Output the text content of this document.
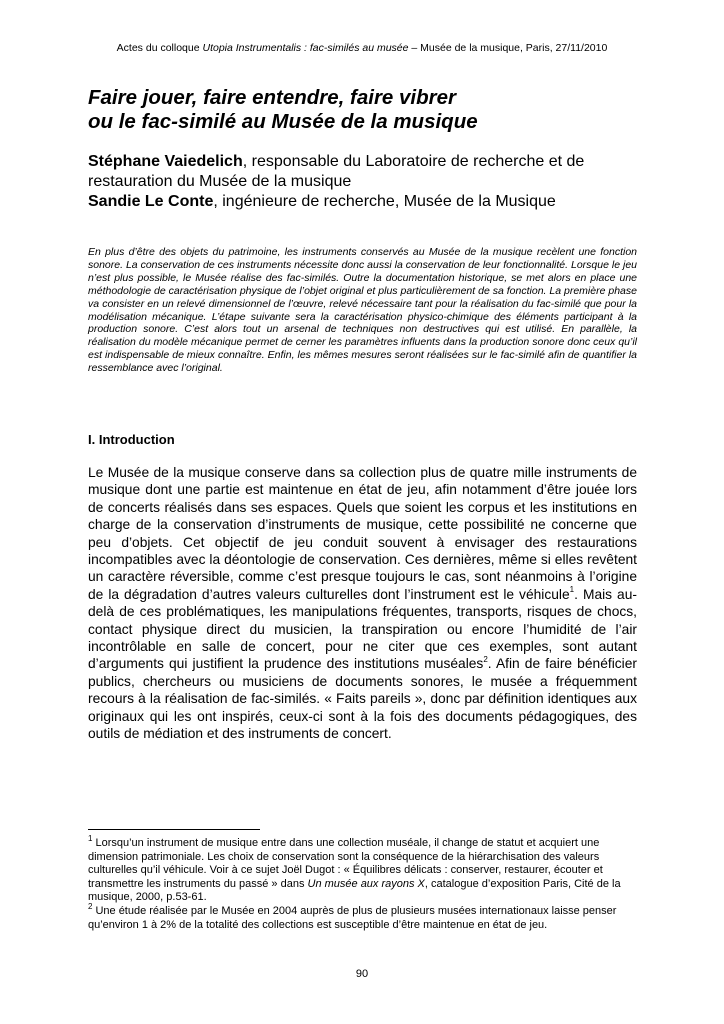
Actes du colloque Utopia Instrumentalis : fac-similés au musée – Musée de la musique, Paris, 27/11/2010
Faire jouer, faire entendre, faire vibrer
ou le fac-similé au Musée de la musique
Stéphane Vaiedelich, responsable du Laboratoire de recherche et de restauration du Musée de la musique
Sandie Le Conte, ingénieure de recherche, Musée de la Musique
En plus d’être des objets du patrimoine, les instruments conservés au Musée de la musique recèlent une fonction sonore. La conservation de ces instruments nécessite donc aussi la conservation de leur fonctionnalité. Lorsque le jeu n’est plus possible, le Musée réalise des fac-similés. Outre la documentation historique, se met alors en place une méthodologie de caractérisation physique de l’objet original et plus particulièrement de sa fonction. La première phase va consister en un relevé dimensionnel de l’œuvre, relevé nécessaire tant pour la réalisation du fac-similé que pour la modélisation mécanique. L’étape suivante sera la caractérisation physico-chimique des éléments participant à la production sonore. C’est alors tout un arsenal de techniques non destructives qui est utilisé. En parallèle, la réalisation du modèle mécanique permet de cerner les paramètres influents dans la production sonore donc ceux qu’il est indispensable de mieux connaître. Enfin, les mêmes mesures seront réalisées sur le fac-similé afin de quantifier la ressemblance avec l’original.
I. Introduction
Le Musée de la musique conserve dans sa collection plus de quatre mille instruments de musique dont une partie est maintenue en état de jeu, afin notamment d’être jouée lors de concerts réalisés dans ses espaces. Quels que soient les corpus et les institutions en charge de la conservation d’instruments de musique, cette possibilité ne concerne que peu d’objets. Cet objectif de jeu conduit souvent à envisager des restaurations incompatibles avec la déontologie de conservation. Ces dernières, même si elles revêtent un caractère réversible, comme c’est presque toujours le cas, sont néanmoins à l’origine de la dégradation d’autres valeurs culturelles dont l’instrument est le véhicule$^1$. Mais au-delà de ces problématiques, les manipulations fréquentes, transports, risques de chocs, contact physique direct du musicien, la transpiration ou encore l’humidité de l’air incontrôlable en salle de concert, pour ne citer que ces exemples, sont autant d’arguments qui justifient la prudence des institutions muséales$^2$. Afin de faire bénéficier publics, chercheurs ou musiciens de documents sonores, le musée a fréquemment recours à la réalisation de fac-similés. « Faits pareils », donc par définition identiques aux originaux qui les ont inspirés, ceux-ci sont à la fois des documents pédagogiques, des outils de médiation et des instruments de concert.
$^1$ Lorsqu’un instrument de musique entre dans une collection muséale, il change de statut et acquiert une dimension patrimoniale. Les choix de conservation sont la conséquence de la hiérarchisation des valeurs culturelles qu’il véhicule. Voir à ce sujet Joël Dugot : « Équilibres délicats : conserver, restaurer, écouter et transmettre les instruments du passé » dans Un musée aux rayons X, catalogue d’exposition Paris, Cité de la musique, 2000, p.53-61.
$^2$ Une étude réalisée par le Musée en 2004 auprès de plus de plusieurs musées internationaux laisse penser qu’environ 1 à 2% de la totalité des collections est susceptible d’être maintenue en état de jeu.
90
